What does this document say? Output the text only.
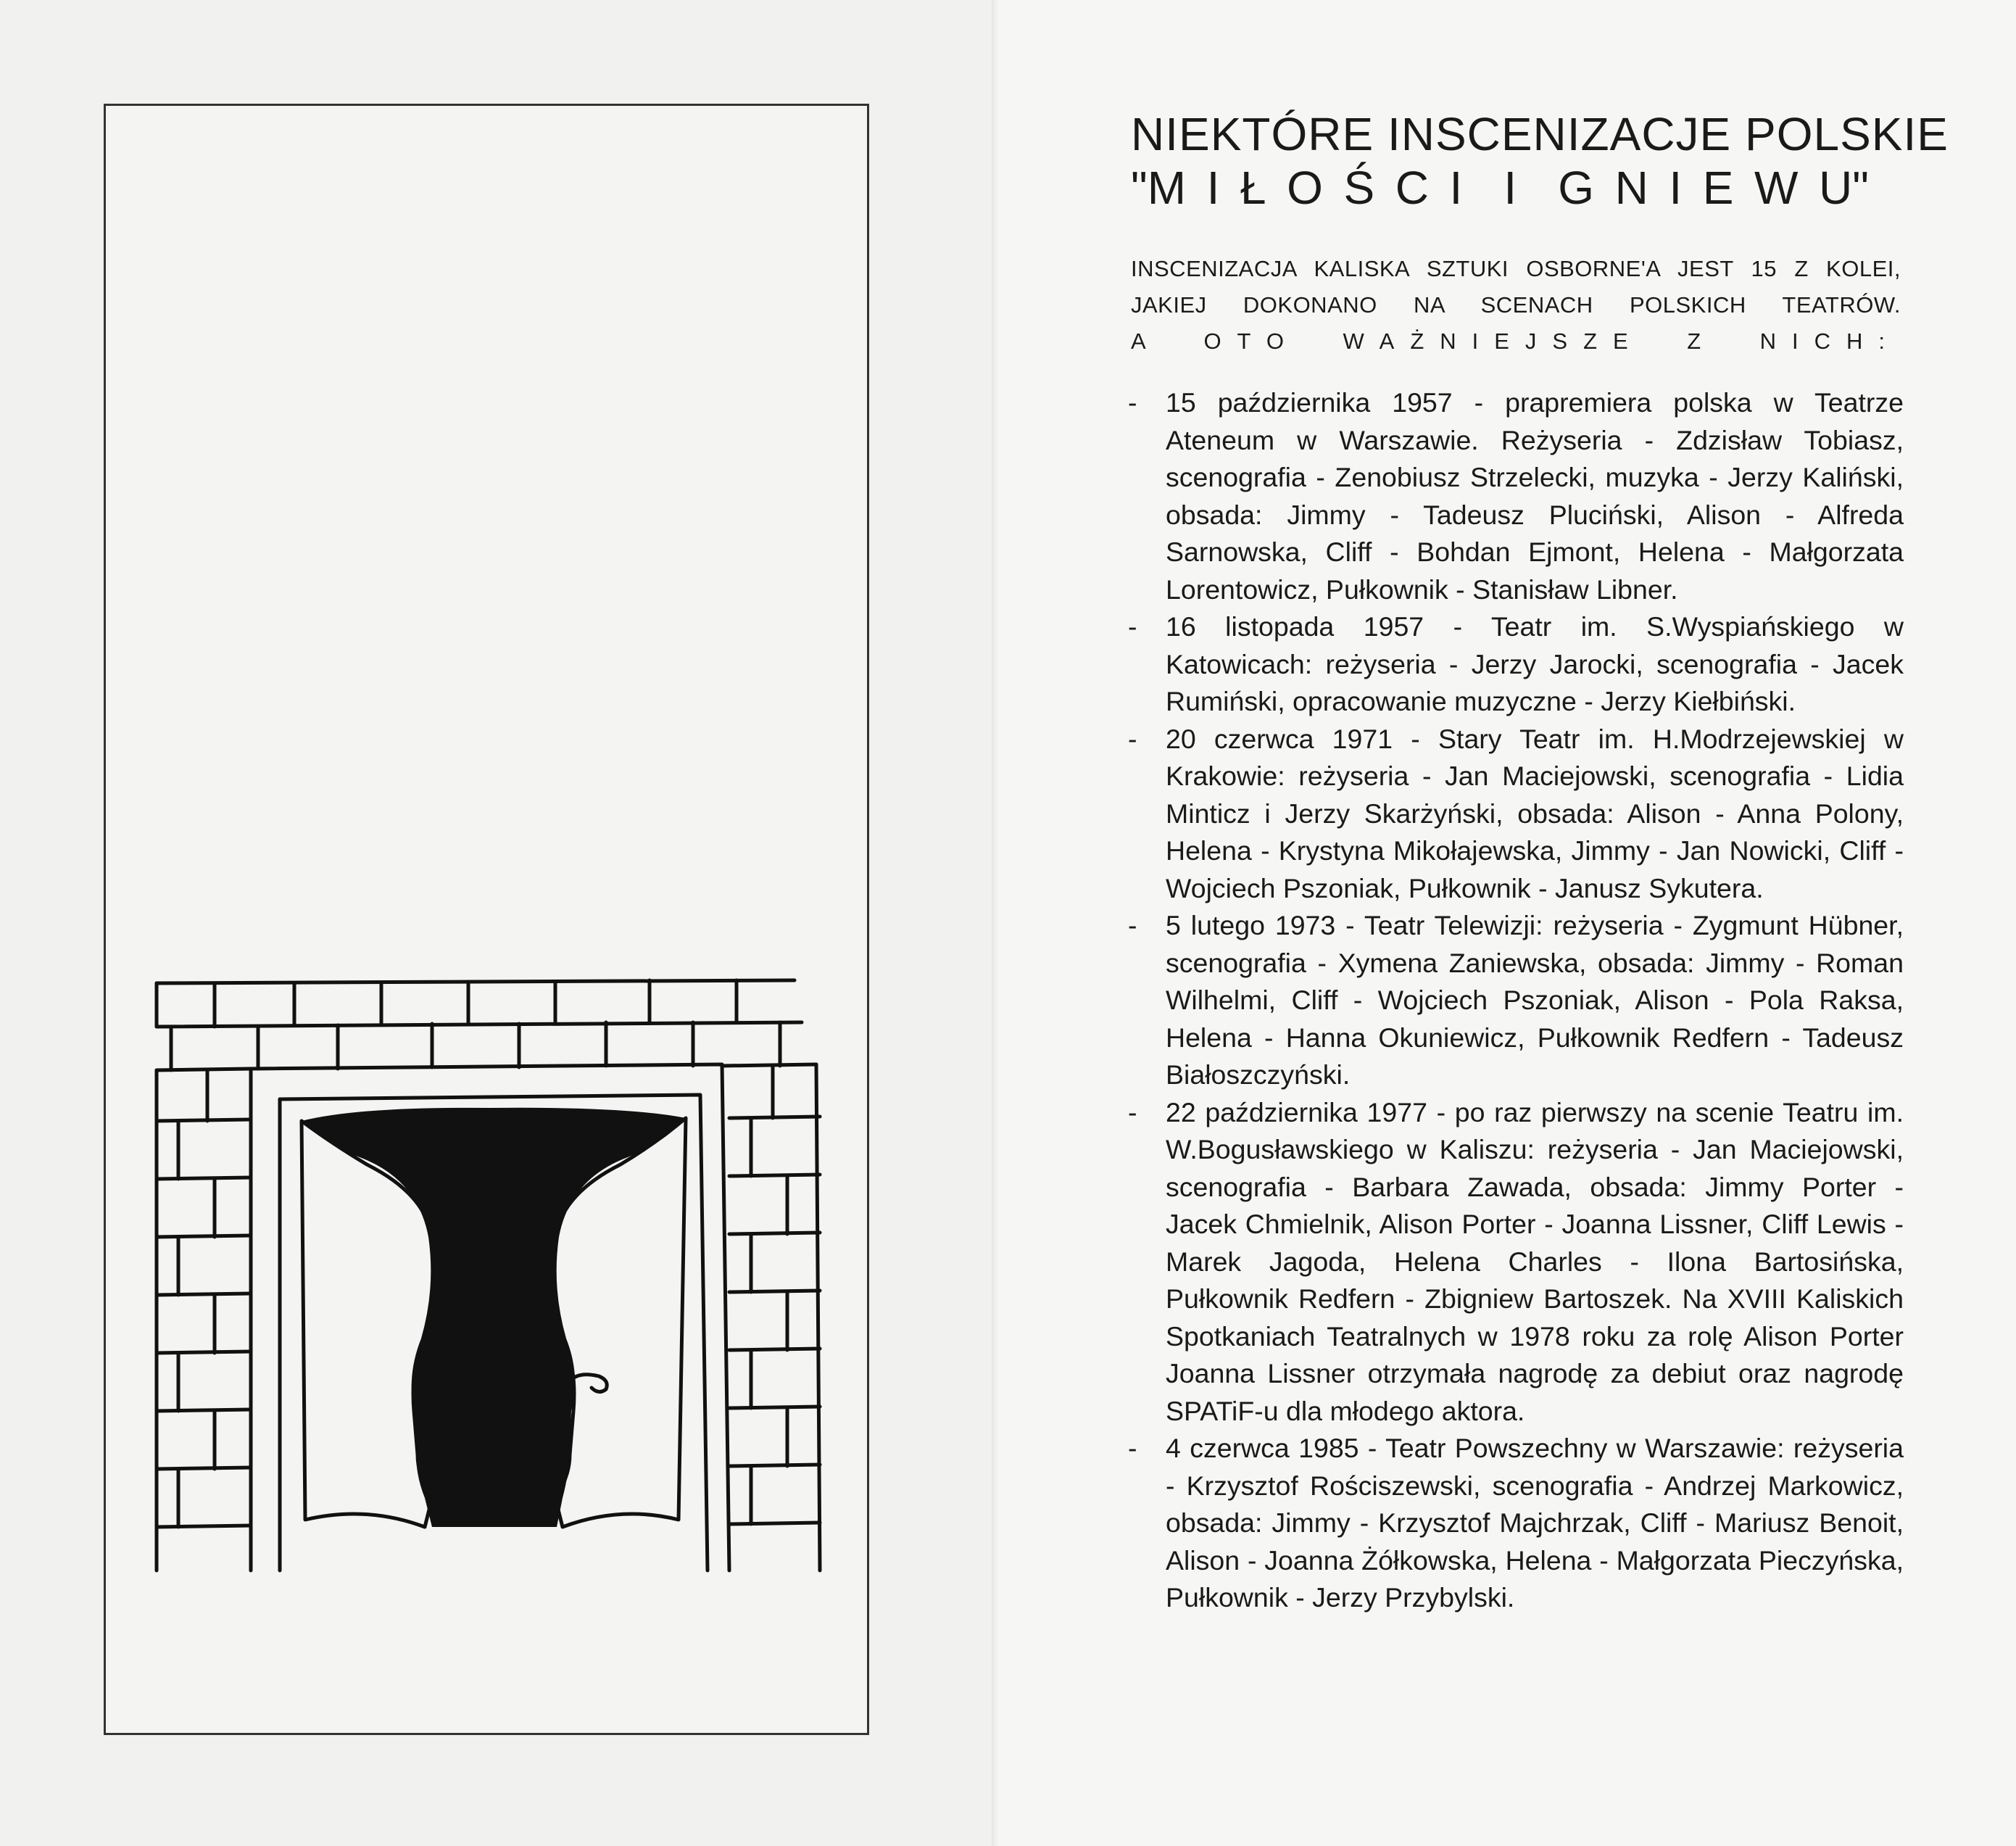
NIEKTÓRE INSCENIZACJE POLSKIE
"M I Ł O Ś C I I G N I E W U"
INSCENIZACJA KALISKA SZTUKI OSBORNE'A JEST 15 Z KOLEI,
JAKIEJ DOKONANO NA SCENACH POLSKICH TEATRÓW.
A OTO WAŻNIEJSZE Z NICH:
- 15 października 1957 - prapremiera polska w Teatrze Ateneum w Warszawie. Reżyseria - Zdzisław Tobiasz, scenografia - Zenobiusz Strzelecki, muzyka - Jerzy Kaliński, obsada: Jimmy - Tadeusz Pluciński, Alison - Alfreda Sarnowska, Cliff - Bohdan Ejmont, Helena - Małgorzata Lorentowicz, Pułkownik - Stanisław Libner.
- 16 listopada 1957 - Teatr im. S.Wyspiańskiego w Katowicach: reżyseria - Jerzy Jarocki, scenografia - Jacek Rumiński, opracowanie muzyczne - Jerzy Kiełbiński.
- 20 czerwca 1971 - Stary Teatr im. H.Modrzejewskiej w Krakowie: reżyseria - Jan Maciejowski, scenografia - Lidia Minticz i Jerzy Skarżyński, obsada: Alison - Anna Polony, Helena - Krystyna Mikołajewska, Jimmy - Jan Nowicki, Cliff - Wojciech Pszoniak, Pułkownik - Janusz Sykutera.
- 5 lutego 1973 - Teatr Telewizji: reżyseria - Zygmunt Hübner, scenografia - Xymena Zaniewska, obsada: Jimmy - Roman Wilhelmi, Cliff - Wojciech Pszoniak, Alison - Pola Raksa, Helena - Hanna Okuniewicz, Pułkownik Redfern - Tadeusz Białoszczyński.
- 22 października 1977 - po raz pierwszy na scenie Teatru im. W.Bogusławskiego w Kaliszu: reżyseria - Jan Maciejowski, scenografia - Barbara Zawada, obsada: Jimmy Porter - Jacek Chmielnik, Alison Porter - Joanna Lissner, Cliff Lewis - Marek Jagoda, Helena Charles - Ilona Bartosińska, Pułkownik Redfern - Zbigniew Bartoszek. Na XVIII Kaliskich Spotkaniach Teatralnych w 1978 roku za rolę Alison Porter Joanna Lissner otrzymała nagrodę za debiut oraz nagrodę SPATiF-u dla młodego aktora.
- 4 czerwca 1985 - Teatr Powszechny w Warszawie: reżyseria - Krzysztof Rościszewski, scenografia - Andrzej Markowicz, obsada: Jimmy - Krzysztof Majchrzak, Cliff - Mariusz Benoit, Alison - Joanna Żółkowska, Helena - Małgorzata Pieczyńska, Pułkownik - Jerzy Przybylski.
